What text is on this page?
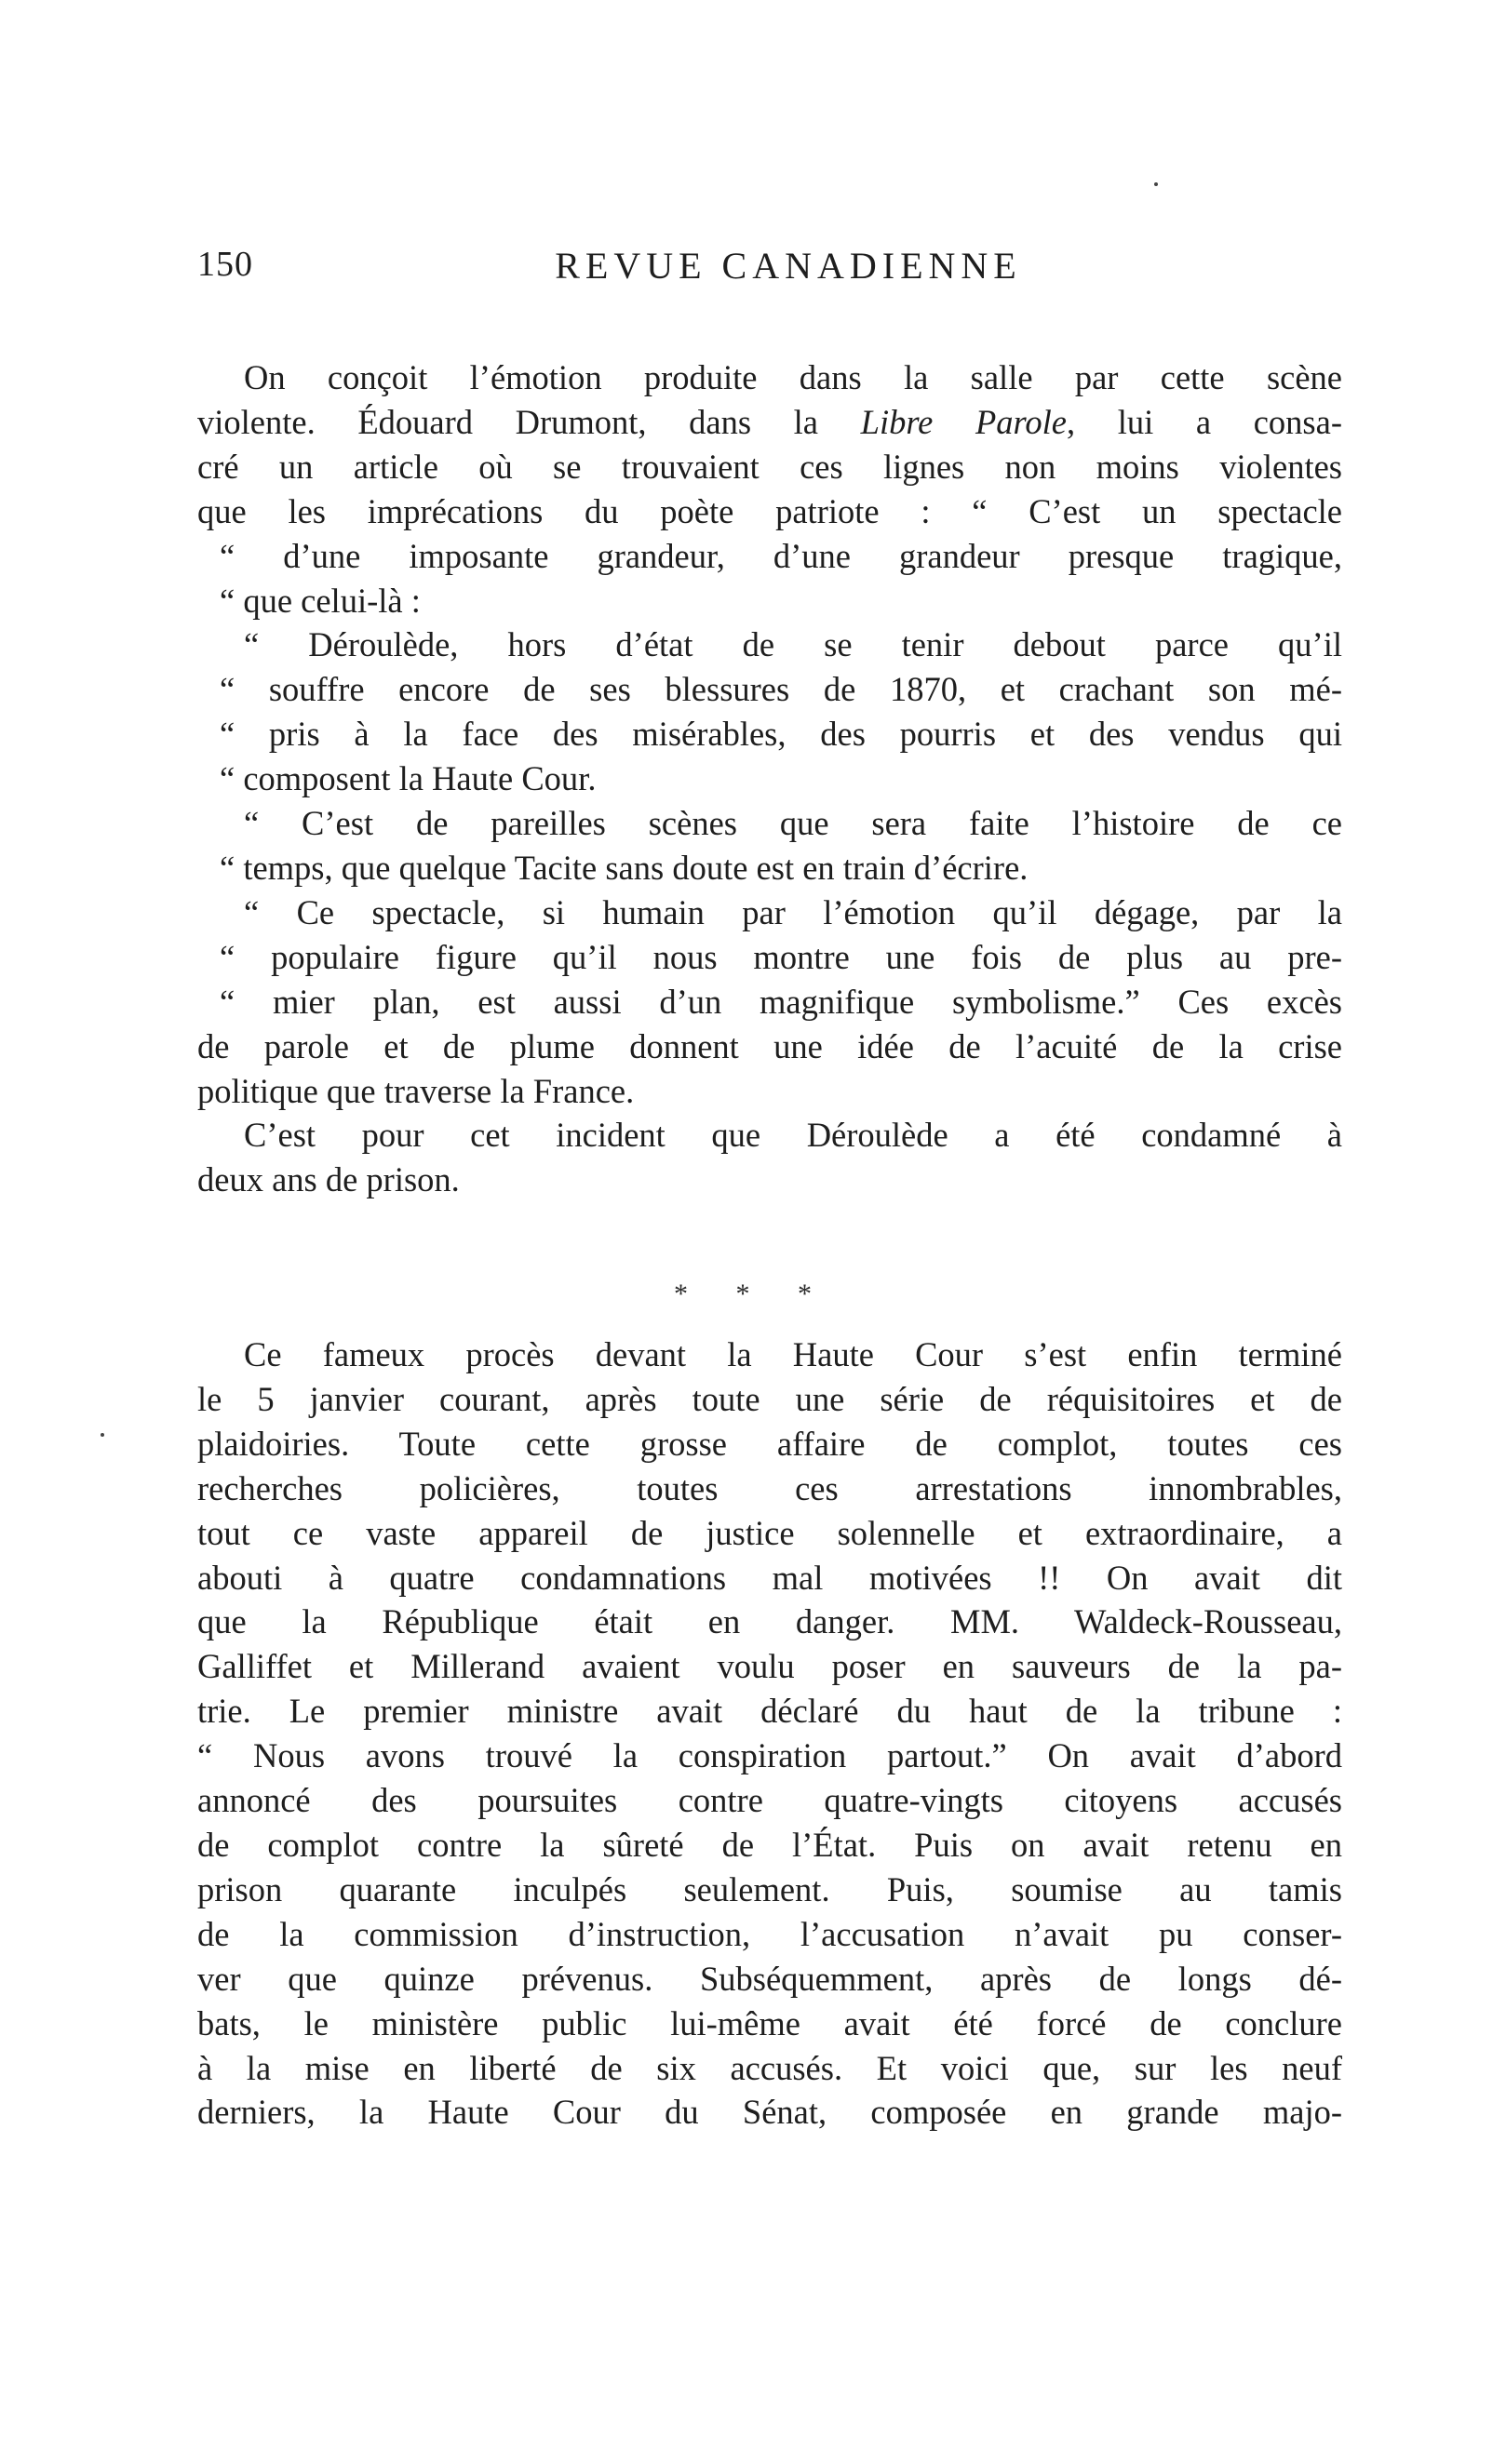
150	REVUE CANADIENNE
On conçoit l’émotion produite dans la salle par cette scène
violente. Édouard Drumont, dans la Libre Parole, lui a consa-
cré un article où se trouvaient ces lignes non moins violentes
que les imprécations du poète patriote : “ C’est un spectacle
“ d’une imposante grandeur, d’une grandeur presque tragique,
“ que celui-là :
“ Déroulède, hors d’état de se tenir debout parce qu’il
“ souffre encore de ses blessures de 1870, et crachant son mé-
“ pris à la face des misérables, des pourris et des vendus qui
“ composent la Haute Cour.
“ C’est de pareilles scènes que sera faite l’histoire de ce
“ temps, que quelque Tacite sans doute est en train d’écrire.
“ Ce spectacle, si humain par l’émotion qu’il dégage, par la
“ populaire figure qu’il nous montre une fois de plus au pre-
“ mier plan, est aussi d’un magnifique symbolisme.” Ces excès
de parole et de plume donnent une idée de l’acuité de la crise
politique que traverse la France.
C’est pour cet incident que Déroulède a été condamné à
deux ans de prison.
* * *
Ce fameux procès devant la Haute Cour s’est enfin terminé
le 5 janvier courant, après toute une série de réquisitoires et de
plaidoiries. Toute cette grosse affaire de complot, toutes ces
recherches policières, toutes ces arrestations innombrables,
tout ce vaste appareil de justice solennelle et extraordinaire, a
abouti à quatre condamnations mal motivées !! On avait dit
que la République était en danger. MM. Waldeck-Rousseau,
Galliffet et Millerand avaient voulu poser en sauveurs de la pa-
trie. Le premier ministre avait déclaré du haut de la tribune :
“ Nous avons trouvé la conspiration partout.” On avait d’abord
annoncé des poursuites contre quatre-vingts citoyens accusés
de complot contre la sûreté de l’État. Puis on avait retenu en
prison quarante inculpés seulement. Puis, soumise au tamis
de la commission d’instruction, l’accusation n’avait pu conser-
ver que quinze prévenus. Subséquemment, après de longs dé-
bats, le ministère public lui-même avait été forcé de conclure
à la mise en liberté de six accusés. Et voici que, sur les neuf
derniers, la Haute Cour du Sénat, composée en grande majo-
